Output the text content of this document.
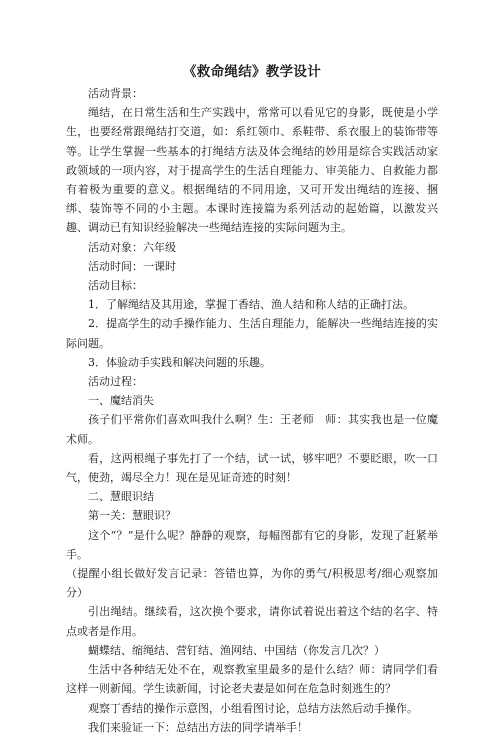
《救命绳结》教学设计

活动背景：

绳结，在日常生活和生产实践中，常常可以看见它的身影，既使是小学生，也要经常跟绳结打交道，如：系红领巾、系鞋带、系衣服上的装饰带等等。让学生掌握一些基本的打绳结方法及体会绳结的妙用是综合实践活动家政领域的一项内容，对于提高学生的生活自理能力、审美能力、自救能力都有着极为重要的意义。根据绳结的不同用途，又可开发出绳结的连接、捆绑、装饰等不同的小主题。本课时连接篇为系列活动的起始篇，以激发兴趣、调动已有知识经验解决一些绳结连接的实际问题为主。

活动对象：六年级

活动时间：一课时

活动目标：

1．了解绳结及其用途，掌握丁香结、渔人结和称人结的正确打法。

2．提高学生的动手操作能力、生活自理能力，能解决一些绳结连接的实际问题。

3．体验动手实践和解决问题的乐趣。

活动过程：

一、魔结消失

孩子们平常你们喜欢叫我什么啊？生：王老师　师：其实我也是一位魔术师。

看，这两根绳子事先打了一个结，试一试，够牢吧？不要眨眼，吹一口气，使劲，竭尽全力！现在是见证奇迹的时刻！

二、慧眼识结

第一关：慧眼识？

这个“？”是什么呢？静静的观察，每幅图都有它的身影，发现了赶紧举手。

（提醒小组长做好发言记录：答错也算，为你的勇气/积极思考/细心观察加分）

引出绳结。继续看，这次换个要求，请你试着说出着这个结的名字、特点或者是作用。

蝴蝶结、缩绳结、营钉结、渔网结、中国结（你发言几次？）

生活中各种结无处不在，观察教室里最多的是什么结？师：请同学们看这样一则新闻。学生读新闻，讨论老夫妻是如何在危急时刻逃生的？

观察丁香结的操作示意图，小组看图讨论，总结方法然后动手操作。

我们来验证一下：总结出方法的同学请举手！
